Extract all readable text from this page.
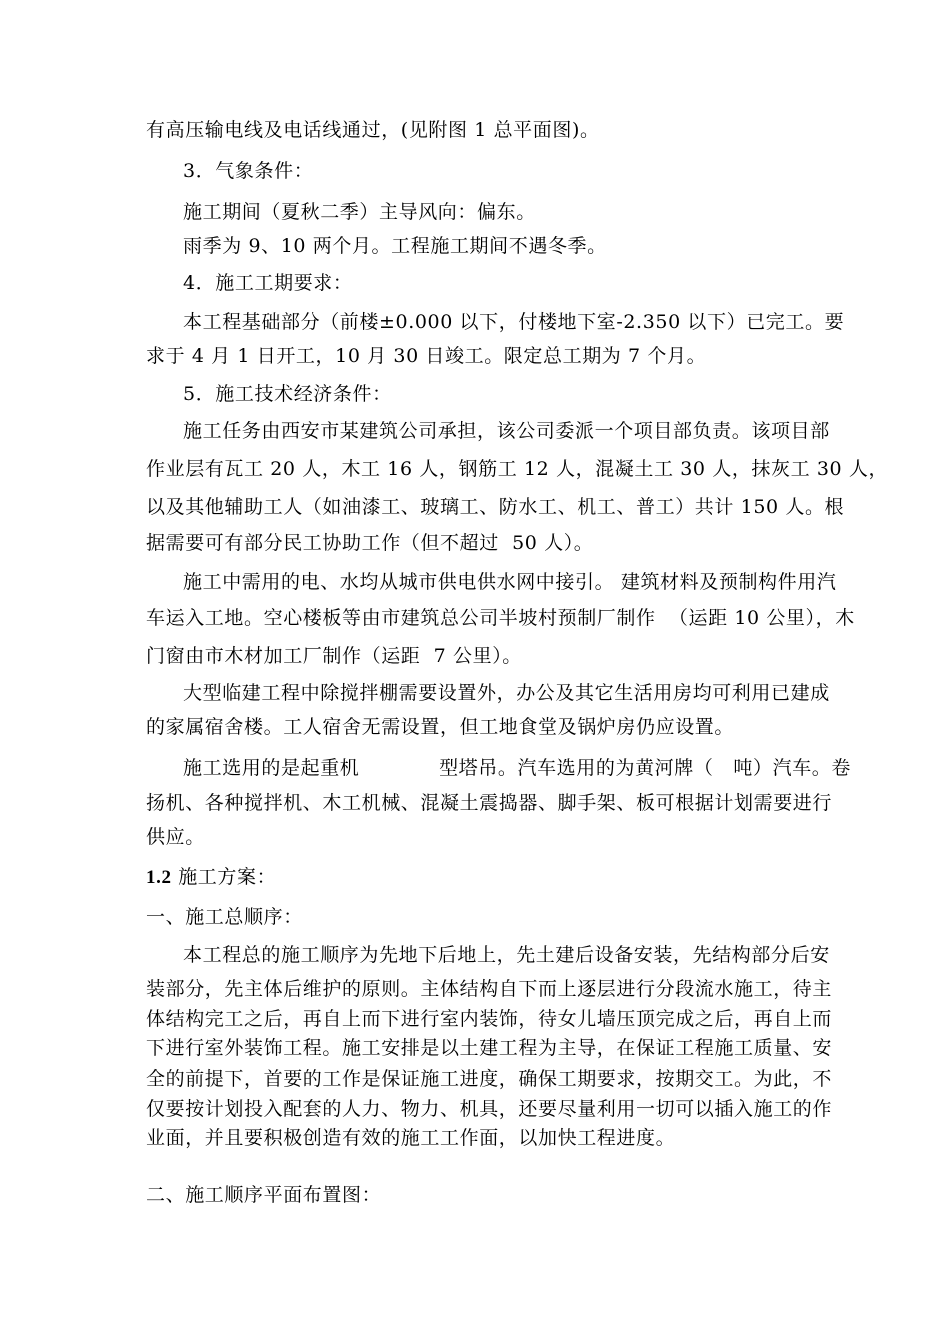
有高压输电线及电话线通过，(见附图 1 总平面图)。
3．气象条件：
施工期间（夏秋二季）主导风向：偏东。
雨季为 9、10 两个月。工程施工期间不遇冬季。
4．施工工期要求：
本工程基础部分（前楼±0.000 以下，付楼地下室-2.350 以下）已完工。要
求于 4 月 1 日开工，10 月 30 日竣工。限定总工期为 7 个月。
5．施工技术经济条件：
施工任务由西安市某建筑公司承担，该公司委派一个项目部负责。该项目部
作业层有瓦工 20 人，木工 16 人，钢筋工 12 人，混凝土工 30 人，抹灰工 30 人，
以及其他辅助工人（如油漆工、玻璃工、防水工、机工、普工）共计 150 人。根
据需要可有部分民工协助工作（但不超过  50 人）。
施工中需用的电、水均从城市供电供水网中接引。 建筑材料及预制构件用汽
车运入工地。空心楼板等由市建筑总公司半坡村预制厂制作  （运距 10 公里），木
门窗由市木材加工厂制作（运距  7 公里）。
大型临建工程中除搅拌棚需要设置外，办公及其它生活用房均可利用已建成
的家属宿舍楼。工人宿舍无需设置，但工地食堂及锅炉房仍应设置。
施工选用的是起重机            型塔吊。汽车选用的为黄河牌（   吨）汽车。卷
扬机、各种搅拌机、木工机械、混凝土震捣器、脚手架、板可根据计划需要进行
供应。
1.2 施工方案：
一、施工总顺序：
本工程总的施工顺序为先地下后地上，先土建后设备安装，先结构部分后安
装部分，先主体后维护的原则。主体结构自下而上逐层进行分段流水施工，待主
体结构完工之后，再自上而下进行室内装饰，待女儿墙压顶完成之后，再自上而
下进行室外装饰工程。施工安排是以土建工程为主导，在保证工程施工质量、安
全的前提下，首要的工作是保证施工进度，确保工期要求，按期交工。为此，不
仅要按计划投入配套的人力、物力、机具，还要尽量利用一切可以插入施工的作
业面，并且要积极创造有效的施工工作面，以加快工程进度。
二、施工顺序平面布置图：
